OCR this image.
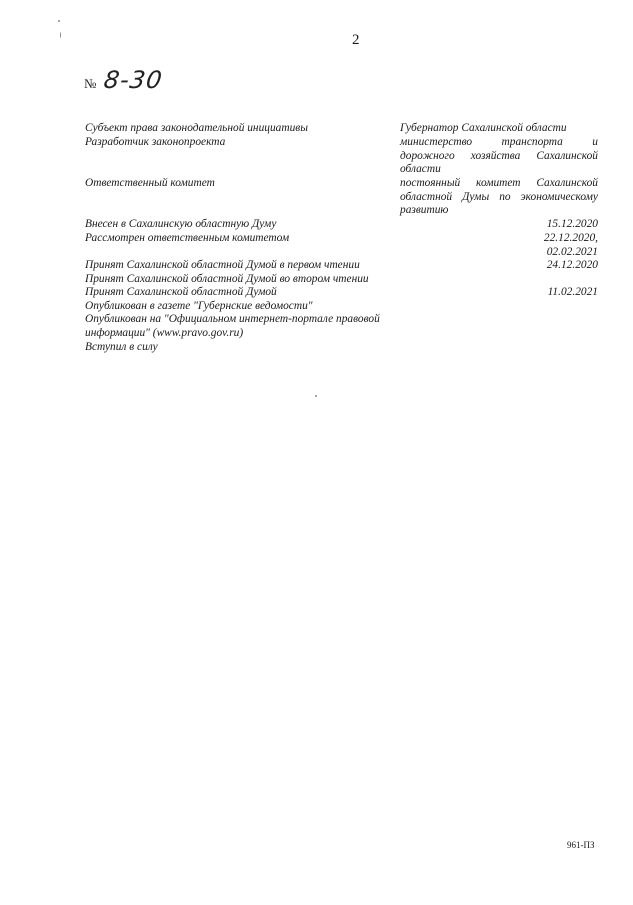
2
№ 8-30
Субъект права законодательной инициативы	Губернатор Сахалинской области
Разработчик законопроекта	министерство транспорта и дорожного хозяйства Сахалинской области
Ответственный комитет	постоянный комитет Сахалинской областной Думы по экономическому развитию
Внесен в Сахалинскую областную Думу	15.12.2020
Рассмотрен ответственным комитетом	22.12.2020,
02.02.2021
Принят Сахалинской областной Думой в первом чтении	24.12.2020
Принят Сахалинской областной Думой во втором чтении
Принят Сахалинской областной Думой	11.02.2021
Опубликован в газете "Губернские ведомости"
Опубликован на "Официальном интернет-портале правовой
информации" (www.pravo.gov.ru)
Вступил в силу
961-ПЗ
